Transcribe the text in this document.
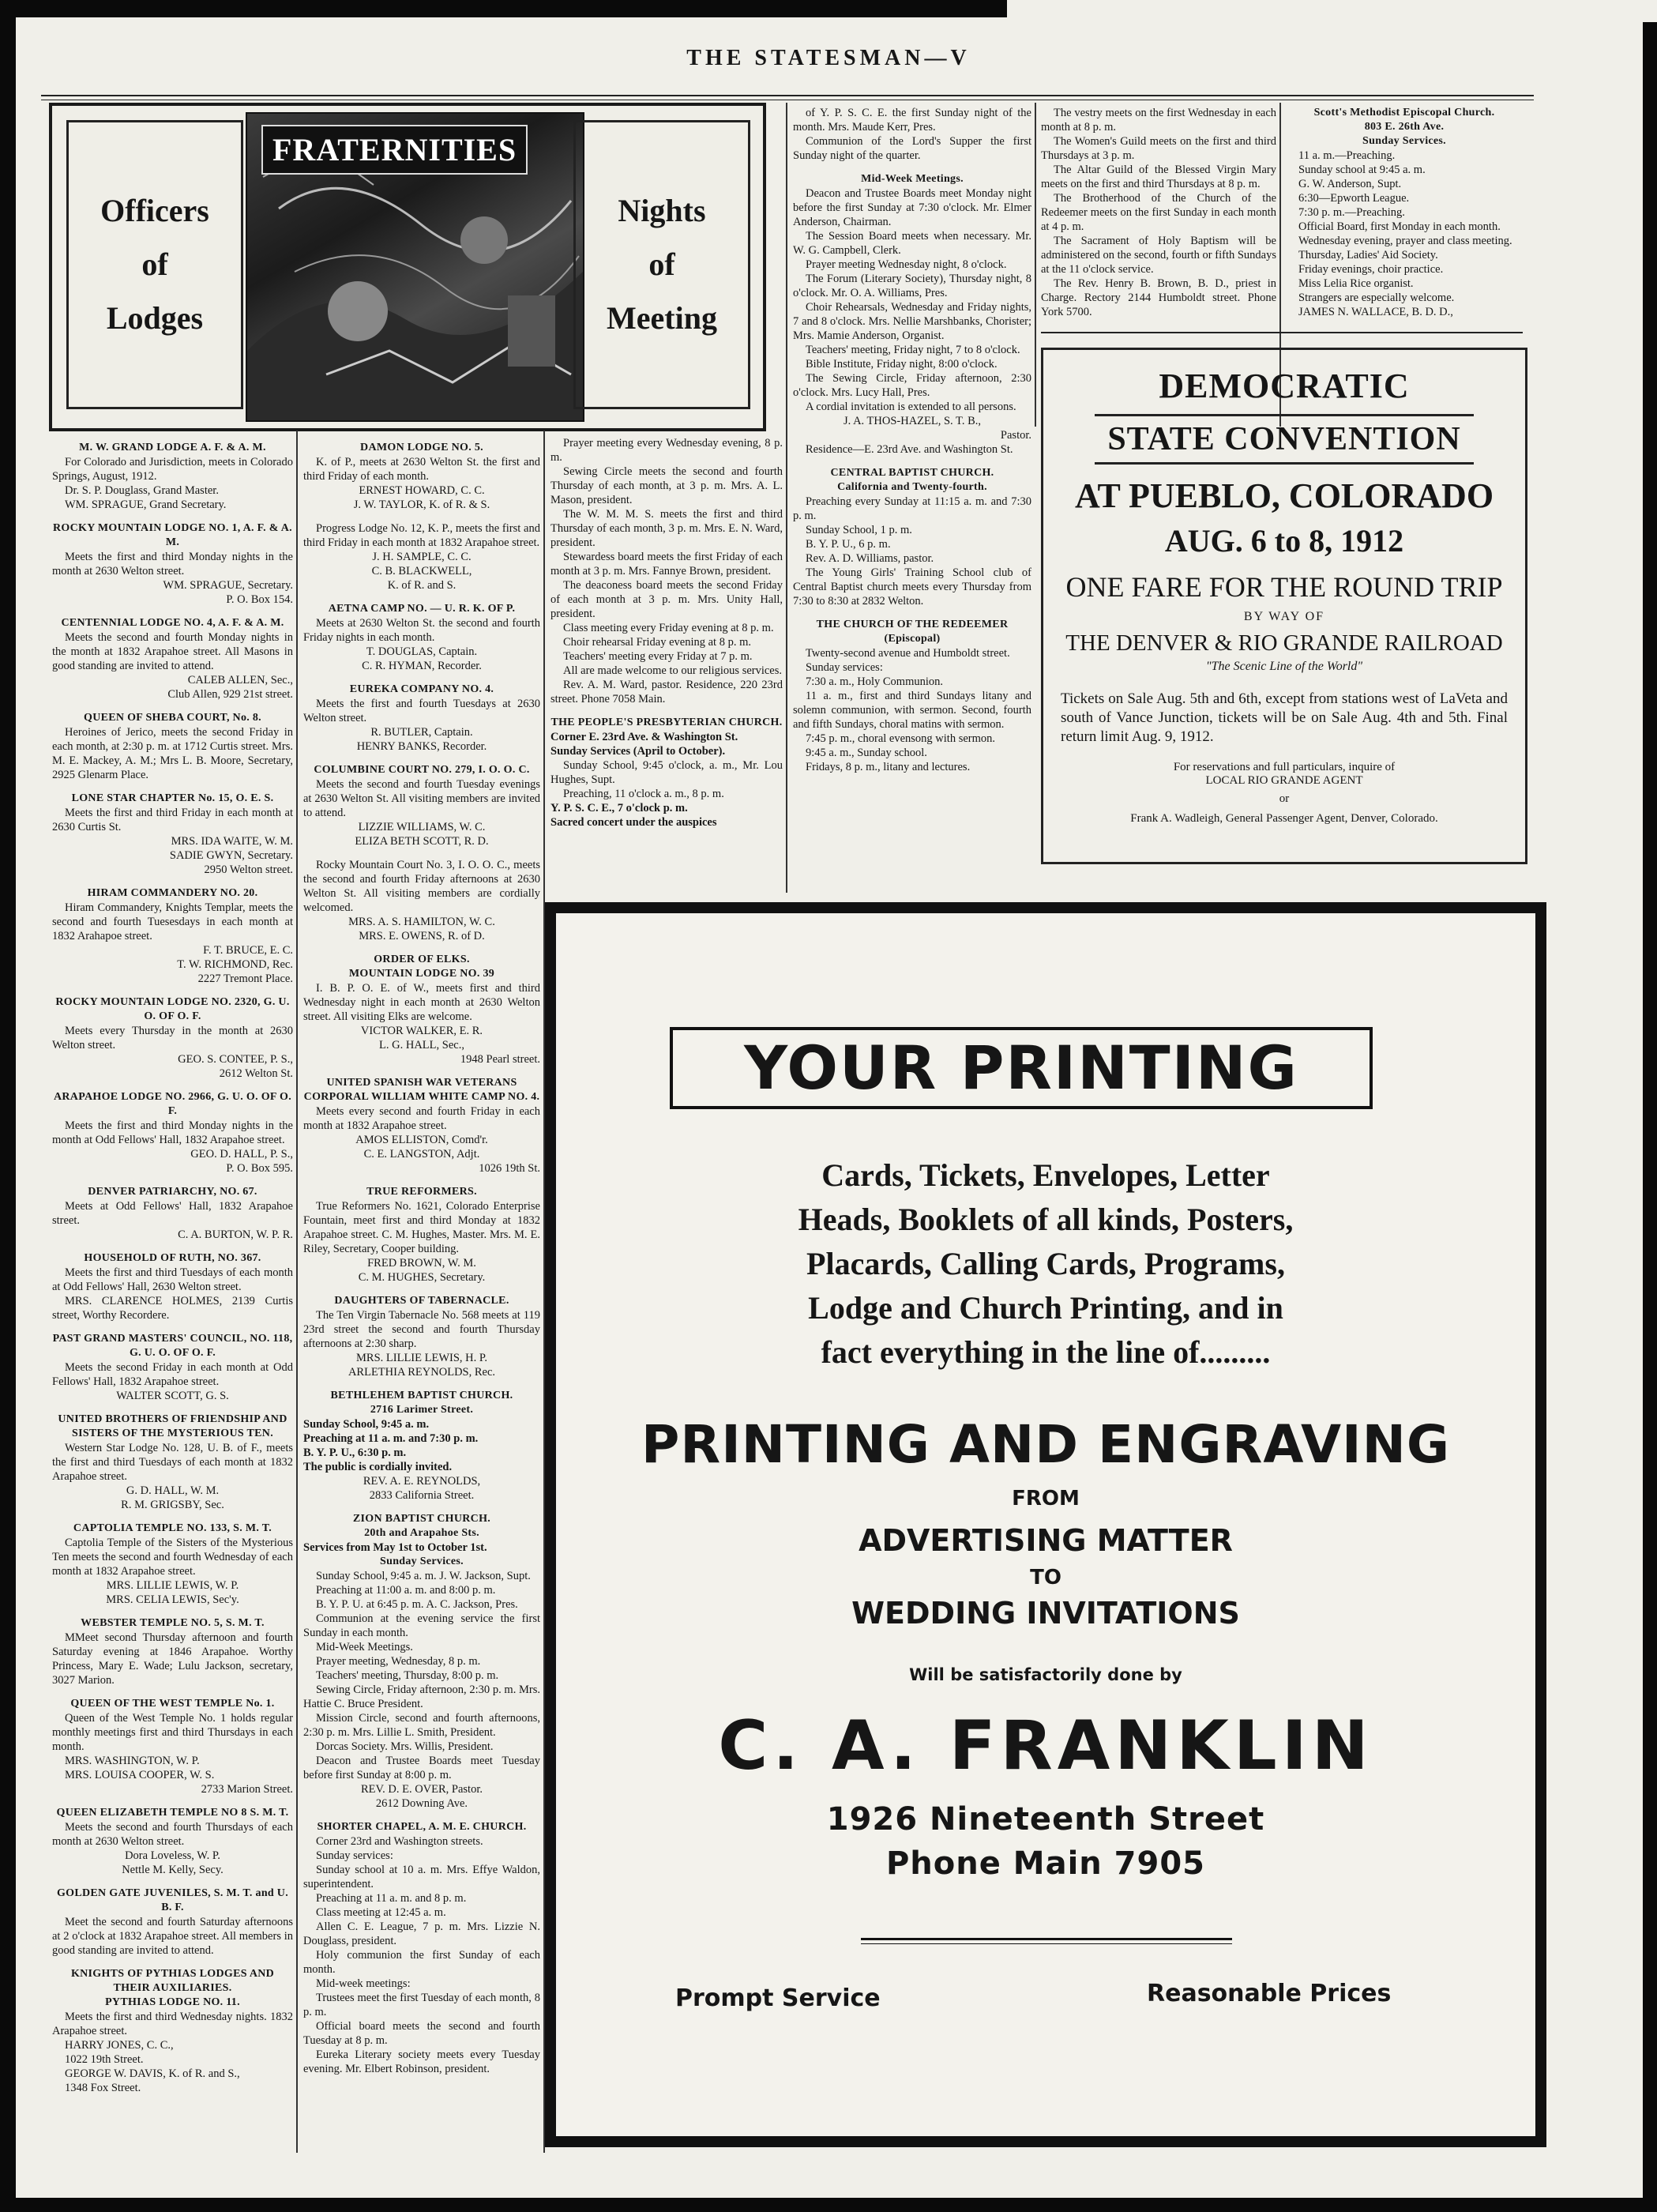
THE STATESMAN—V
Officers
of
Lodges
FRATERNITIES
Nights
of
Meeting
M. W. GRAND LODGE A. F. & A. M.
For Colorado and Jurisdiction, meets in Colorado Springs, August, 1912.
Dr. S. P. Douglass, Grand Master.
WM. SPRAGUE, Grand Secretary.
ROCKY MOUNTAIN LODGE NO. 1, A. F. & A. M.
Meets the first and third Monday nights in the month at 2630 Welton street.
WM. SPRAGUE, Secretary.
P. O. Box 154.
CENTENNIAL LODGE NO. 4, A. F. & A. M.
Meets the second and fourth Monday nights in the month at 1832 Arapahoe street. All Masons in good standing are invited to attend.
CALEB ALLEN, Sec.,
Club Allen, 929 21st street.
QUEEN OF SHEBA COURT, No. 8.
Heroines of Jerico, meets the second Friday in each month, at 2:30 p. m. at 1712 Curtis street. Mrs. M. E. Mackey, A. M.; Mrs L. B. Moore, Secretary, 2925 Glenarm Place.
LONE STAR CHAPTER No. 15, O. E. S.
Meets the first and third Friday in each month at 2630 Curtis St.
MRS. IDA WAITE, W. M.
SADIE GWYN, Secretary.
2950 Welton street.
HIRAM COMMANDERY NO. 20.
Hiram Commandery, Knights Templar, meets the second and fourth Tuesesdays in each month at 1832 Arahapoe street.
F. T. BRUCE, E. C.
T. W. RICHMOND, Rec.
2227 Tremont Place.
ROCKY MOUNTAIN LODGE NO. 2320, G. U. O. OF O. F.
Meets every Thursday in the month at 2630 Welton street.
GEO. S. CONTEE, P. S.,
2612 Welton St.
ARAPAHOE LODGE NO. 2966, G. U. O. OF O. F.
Meets the first and third Monday nights in the month at Odd Fellows' Hall, 1832 Arapahoe street.
GEO. D. HALL, P. S.,
P. O. Box 595.
DENVER PATRIARCHY, NO. 67.
Meets at Odd Fellows' Hall, 1832 Arapahoe street.
C. A. BURTON, W. P. R.
HOUSEHOLD OF RUTH, NO. 367.
Meets the first and third Tuesdays of each month at Odd Fellows' Hall, 2630 Welton street.
MRS. CLARENCE HOLMES, 2139 Curtis street, Worthy Recordere.
PAST GRAND MASTERS' COUNCIL, NO. 118, G. U. O. OF O. F.
Meets the second Friday in each month at Odd Fellows' Hall, 1832 Arapahoe street.
WALTER SCOTT, G. S.
UNITED BROTHERS OF FRIENDSHIP AND SISTERS OF THE MYSTERIOUS TEN.
Western Star Lodge No. 128, U. B. of F., meets the first and third Tuesdays of each month at 1832 Arapahoe street.
G. D. HALL, W. M.
R. M. GRIGSBY, Sec.
CAPTOLIA TEMPLE NO. 133, S. M. T.
Captolia Temple of the Sisters of the Mysterious Ten meets the second and fourth Wednesday of each month at 1832 Arapahoe street.
MRS. LILLIE LEWIS, W. P.
MRS. CELIA LEWIS, Sec'y.
WEBSTER TEMPLE NO. 5, S. M. T.
MMeet second Thursday afternoon and fourth Saturday evening at 1846 Arapahoe. Worthy Princess, Mary E. Wade; Lulu Jackson, secretary, 3027 Marion.
QUEEN OF THE WEST TEMPLE No. 1.
Queen of the West Temple No. 1 holds regular monthly meetings first and third Thursdays in each month.
MRS. WASHINGTON, W. P.
MRS. LOUISA COOPER, W. S.
2733 Marion Street.
QUEEN ELIZABETH TEMPLE NO 8 S. M. T.
Meets the second and fourth Thursdays of each month at 2630 Welton street.
Dora Loveless, W. P.
Nettle M. Kelly, Secy.
GOLDEN GATE JUVENILES, S. M. T. and U. B. F.
Meet the second and fourth Saturday afternoons at 2 o'clock at 1832 Arapahoe street. All members in good standing are invited to attend.
KNIGHTS OF PYTHIAS LODGES AND THEIR AUXILIARIES.
PYTHIAS LODGE NO. 11.
Meets the first and third Wednesday nights. 1832 Arapahoe street.
HARRY JONES, C. C.,
1022 19th Street.
GEORGE W. DAVIS, K. of R. and S.,
1348 Fox Street.
DAMON LODGE NO. 5.
K. of P., meets at 2630 Welton St. the first and third Friday of each month.
ERNEST HOWARD, C. C.
J. W. TAYLOR, K. of R. & S.
Progress Lodge No. 12, K. P., meets the first and third Friday in each month at 1832 Arapahoe street.
J. H. SAMPLE, C. C.
C. B. BLACKWELL,
K. of R. and S.
AETNA CAMP NO. — U. R. K. OF P.
Meets at 2630 Welton St. the second and fourth Friday nights in each month.
T. DOUGLAS, Captain.
C. R. HYMAN, Recorder.
EUREKA COMPANY NO. 4.
Meets the first and fourth Tuesdays at 2630 Welton street.
R. BUTLER, Captain.
HENRY BANKS, Recorder.
COLUMBINE COURT NO. 279, I. O. O. C.
Meets the second and fourth Tuesday evenings at 2630 Welton St. All visiting members are invited to attend.
LIZZIE WILLIAMS, W. C.
ELIZA BETH SCOTT, R. D.
Rocky Mountain Court No. 3, I. O. O. C., meets the second and fourth Friday afternoons at 2630 Welton St. All visiting members are cordially welcomed.
MRS. A. S. HAMILTON, W. C.
MRS. E. OWENS, R. of D.
ORDER OF ELKS.
MOUNTAIN LODGE NO. 39
I. B. P. O. E. of W., meets first and third Wednesday night in each month at 2630 Welton street. All visiting Elks are welcome.
VICTOR WALKER, E. R.
L. G. HALL, Sec.,
1948 Pearl street.
UNITED SPANISH WAR VETERANS CORPORAL WILLIAM WHITE CAMP NO. 4.
Meets every second and fourth Friday in each month at 1832 Arapahoe street.
AMOS ELLISTON, Comd'r.
C. E. LANGSTON, Adjt.
1026 19th St.
TRUE REFORMERS.
True Reformers No. 1621, Colorado Enterprise Fountain, meet first and third Monday at 1832 Arapahoe street. C. M. Hughes, Master. Mrs. M. E. Riley, Secretary, Cooper building.
FRED BROWN, W. M.
C. M. HUGHES, Secretary.
DAUGHTERS OF TABERNACLE.
The Ten Virgin Tabernacle No. 568 meets at 119 23rd street the second and fourth Thursday afternoons at 2:30 sharp.
MRS. LILLIE LEWIS, H. P.
ARLETHIA REYNOLDS, Rec.
BETHLEHEM BAPTIST CHURCH.
2716 Larimer Street.
Sunday School, 9:45 a. m.
Preaching at 11 a. m. and 7:30 p. m.
B. Y. P. U., 6:30 p. m.
The public is cordially invited.
REV. A. E. REYNOLDS,
2833 California Street.
ZION BAPTIST CHURCH.
20th and Arapahoe Sts.
Services from May 1st to October 1st.
Sunday Services.
Sunday School, 9:45 a. m. J. W. Jackson, Supt.
Preaching at 11:00 a. m. and 8:00 p. m.
B. Y. P. U. at 6:45 p. m. A. C. Jackson, Pres.
Communion at the evening service the first Sunday in each month.
Mid-Week Meetings.
Prayer meeting, Wednesday, 8 p. m.
Teachers' meeting, Thursday, 8:00 p. m.
Sewing Circle, Friday afternoon, 2:30 p. m. Mrs. Hattie C. Bruce President.
Mission Circle, second and fourth afternoons, 2:30 p. m. Mrs. Lillie L. Smith, President.
Dorcas Society. Mrs. Willis, President.
Deacon and Trustee Boards meet Tuesday before first Sunday at 8:00 p. m.
REV. D. E. OVER, Pastor.
2612 Downing Ave.
SHORTER CHAPEL, A. M. E. CHURCH.
Corner 23rd and Washington streets.
Sunday services:
Sunday school at 10 a. m. Mrs. Effye Waldon, superintendent.
Preaching at 11 a. m. and 8 p. m.
Class meeting at 12:45 a. m.
Allen C. E. League, 7 p. m. Mrs. Lizzie N. Douglass, president.
Holy communion the first Sunday of each month.
Mid-week meetings:
Trustees meet the first Tuesday of each month, 8 p. m.
Official board meets the second and fourth Tuesday at 8 p. m.
Eureka Literary society meets every Tuesday evening. Mr. Elbert Robinson, president.
Prayer meeting every Wednesday evening, 8 p. m.
Sewing Circle meets the second and fourth Thursday of each month, at 3 p. m. Mrs. A. L. Mason, president.
The W. M. M. S. meets the first and third Thursday of each month, 3 p. m. Mrs. E. N. Ward, president.
Stewardess board meets the first Friday of each month at 3 p. m. Mrs. Fannye Brown, president.
The deaconess board meets the second Friday of each month at 3 p. m. Mrs. Unity Hall, president.
Class meeting every Friday evening at 8 p. m.
Choir rehearsal Friday evening at 8 p. m.
Teachers' meeting every Friday at 7 p. m.
All are made welcome to our religious services.
Rev. A. M. Ward, pastor. Residence, 220 23rd street. Phone 7058 Main.
THE PEOPLE'S PRESBYTERIAN CHURCH.
Corner E. 23rd Ave. & Washington St.
Sunday Services (April to October).
Sunday School, 9:45 o'clock, a. m., Mr. Lou Hughes, Supt.
Preaching, 11 o'clock a. m., 8 p. m.
Y. P. S. C. E., 7 o'clock p. m.
Sacred concert under the auspices
of Y. P. S. C. E. the first Sunday night of the month. Mrs. Maude Kerr, Pres.
Communion of the Lord's Supper the first Sunday night of the quarter.
Mid-Week Meetings.
Deacon and Trustee Boards meet Monday night before the first Sunday at 7:30 o'clock. Mr. Elmer Anderson, Chairman.
The Session Board meets when necessary. Mr. W. G. Campbell, Clerk.
Prayer meeting Wednesday night, 8 o'clock.
The Forum (Literary Society), Thursday night, 8 o'clock. Mr. O. A. Williams, Pres.
Choir Rehearsals, Wednesday and Friday nights, 7 and 8 o'clock. Mrs. Nellie Marshbanks, Chorister; Mrs. Mamie Anderson, Organist.
Teachers' meeting, Friday night, 7 to 8 o'clock.
Bible Institute, Friday night, 8:00 o'clock.
The Sewing Circle, Friday afternoon, 2:30 o'clock. Mrs. Lucy Hall, Pres.
A cordial invitation is extended to all persons.
J. A. THOS-HAZEL, S. T. B.,
Pastor.
Residence—E. 23rd Ave. and Washington St.
CENTRAL BAPTIST CHURCH.
California and Twenty-fourth.
Preaching every Sunday at 11:15 a. m. and 7:30 p. m.
Sunday School, 1 p. m.
B. Y. P. U., 6 p. m.
Rev. A. D. Williams, pastor.
The Young Girls' Training School club of Central Baptist church meets every Thursday from 7:30 to 8:30 at 2832 Welton.
THE CHURCH OF THE REDEEMER
(Episcopal)
Twenty-second avenue and Humboldt street.
Sunday services:
7:30 a. m., Holy Communion.
11 a. m., first and third Sundays litany and solemn communion, with sermon. Second, fourth and fifth Sundays, choral matins with sermon.
7:45 p. m., choral evensong with sermon.
9:45 a. m., Sunday school.
Fridays, 8 p. m., litany and lectures.
The vestry meets on the first Wednesday in each month at 8 p. m.
The Women's Guild meets on the first and third Thursdays at 3 p. m.
The Altar Guild of the Blessed Virgin Mary meets on the first and third Thursdays at 8 p. m.
The Brotherhood of the Church of the Redeemer meets on the first Sunday in each month at 4 p. m.
The Sacrament of Holy Baptism will be administered on the second, fourth or fifth Sundays at the 11 o'clock service.
The Rev. Henry B. Brown, B. D., priest in Charge. Rectory 2144 Humboldt street. Phone York 5700.
Scott's Methodist Episcopal Church.
803 E. 26th Ave.
Sunday Services.
11 a. m.—Preaching.
Sunday school at 9:45 a. m.
G. W. Anderson, Supt.
6:30—Epworth League.
7:30 p. m.—Preaching.
Official Board, first Monday in each month.
Wednesday evening, prayer and class meeting.
Thursday, Ladies' Aid Society.
Friday evenings, choir practice.
Miss Lelia Rice organist.
Strangers are especially welcome.
JAMES N. WALLACE, B. D. D.,
DEMOCRATIC
STATE CONVENTION
AT PUEBLO, COLORADO
AUG. 6 to 8, 1912
ONE FARE FOR THE ROUND TRIP
BY WAY OF
THE DENVER & RIO GRANDE RAILROAD
"The Scenic Line of the World"
Tickets on Sale Aug. 5th and 6th, except from stations west of LaVeta and south of Vance Junction, tickets will be on Sale Aug. 4th and 5th. Final return limit Aug. 9, 1912.
For reservations and full particulars, inquire of
LOCAL RIO GRANDE AGENT
or
Frank A. Wadleigh, General Passenger Agent, Denver, Colorado.
YOUR PRINTING
Cards, Tickets, Envelopes, Letter
Heads, Booklets of all kinds, Posters,
Placards, Calling Cards, Programs,
Lodge and Church Printing, and in
fact everything in the line of.........
PRINTING AND ENGRAVING
FROM
ADVERTISING MATTER
TO
WEDDING INVITATIONS
Will be satisfactorily done by
C. A. FRANKLIN
1926 Nineteenth Street
Phone Main 7905
Prompt Service	Reasonable Prices
